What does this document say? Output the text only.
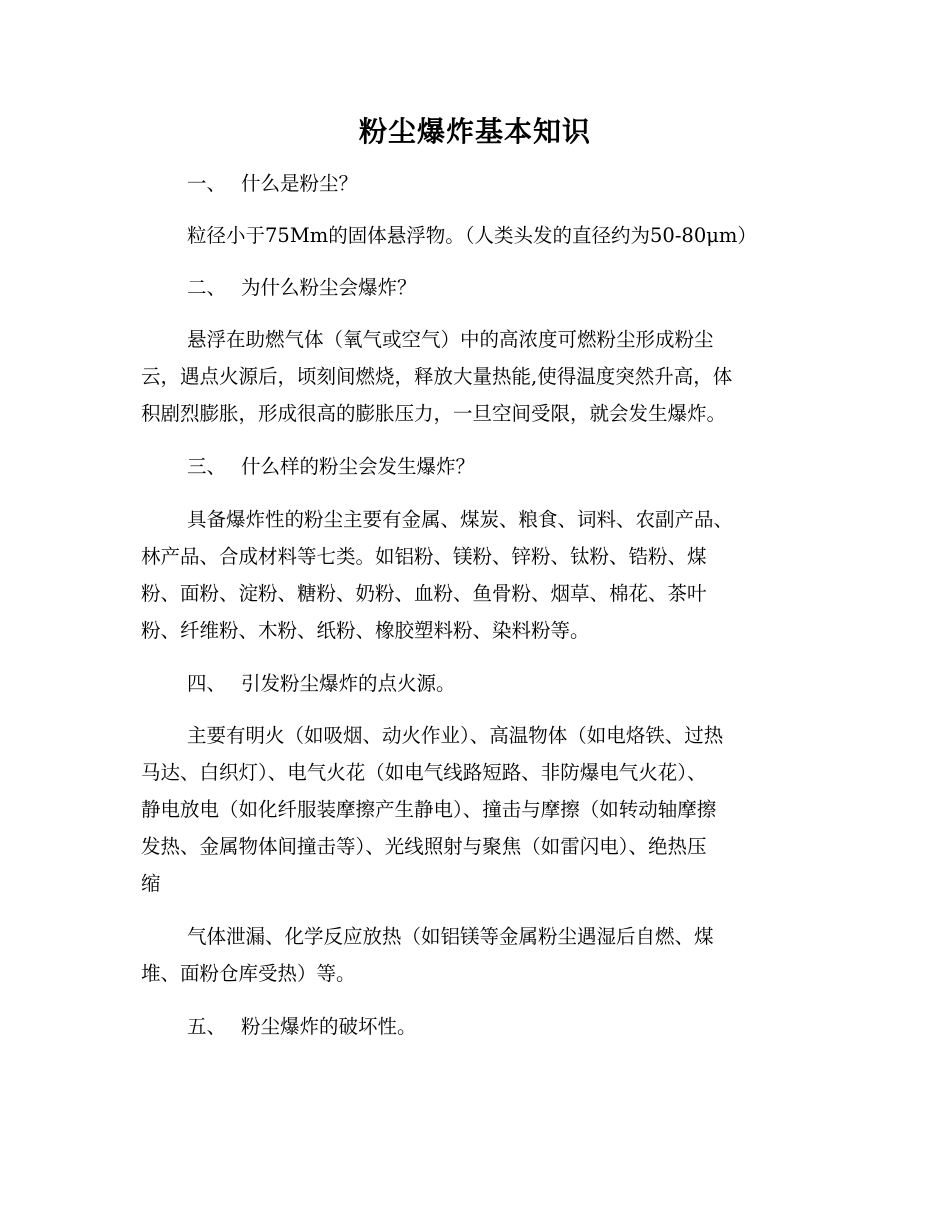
粉尘爆炸基本知识
一、 什么是粉尘？

粒径小于75Mm的固体悬浮物。（人类头发的直径约为50-80μm）

二、 为什么粉尘会爆炸？

悬浮在助燃气体（氧气或空气）中的高浓度可燃粉尘形成粉尘

云，遇点火源后，顷刻间燃烧，释放大量热能,使得温度突然升高，体

积剧烈膨胀，形成很高的膨胀压力，一旦空间受限，就会发生爆炸。

三、 什么样的粉尘会发生爆炸？

具备爆炸性的粉尘主要有金属、煤炭、粮食、词料、农副产品、

林产品、合成材料等七类。如铝粉、镁粉、锌粉、钛粉、锆粉、煤

粉、面粉、淀粉、糖粉、奶粉、血粉、鱼骨粉、烟草、棉花、茶叶

粉、纤维粉、木粉、纸粉、橡胶塑料粉、染料粉等。

四、 引发粉尘爆炸的点火源。

主要有明火（如吸烟、动火作业）、高温物体（如电烙铁、过热

马达、白织灯）、电气火花（如电气线路短路、非防爆电气火花）、

静电放电（如化纤服装摩擦产生静电）、撞击与摩擦（如转动轴摩擦

发热、金属物体间撞击等）、光线照射与聚焦（如雷闪电）、绝热压

缩

气体泄漏、化学反应放热（如铝镁等金属粉尘遇湿后自燃、煤

堆、面粉仓库受热）等。

五、 粉尘爆炸的破坏性。
